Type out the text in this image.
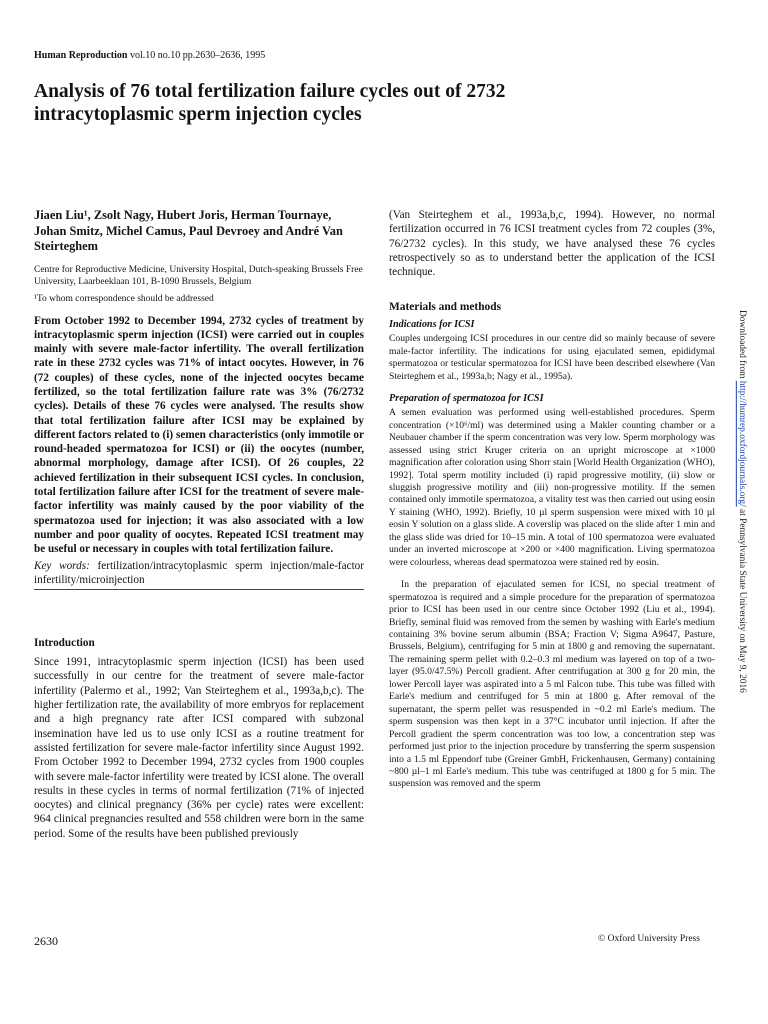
Human Reproduction vol.10 no.10 pp.2630–2636, 1995
Analysis of 76 total fertilization failure cycles out of 2732 intracytoplasmic sperm injection cycles

Jiaen Liu¹, Zsolt Nagy, Hubert Joris, Herman Tournaye, Johan Smitz, Michel Camus, Paul Devroey and André Van Steirteghem

Centre for Reproductive Medicine, University Hospital, Dutch-speaking Brussels Free University, Laarbeeklaan 101, B-1090 Brussels, Belgium

¹To whom correspondence should be addressed

From October 1992 to December 1994, 2732 cycles of treatment by intracytoplasmic sperm injection (ICSI) were carried out in couples mainly with severe male-factor infertility. The overall fertilization rate in these 2732 cycles was 71% of intact oocytes. However, in 76 (72 couples) of these cycles, none of the injected oocytes became fertilized, so the total fertilization failure rate was 3% (76/2732 cycles). Details of these 76 cycles were analysed. The results show that total fertilization failure after ICSI may be explained by different factors related to (i) semen characteristics (only immotile or round-headed spermatozoa for ICSI) or (ii) the oocytes (number, abnormal morphology, damage after ICSI). Of 26 couples, 22 achieved fertilization in their subsequent ICSI cycles. In conclusion, total fertilization failure after ICSI for the treatment of severe male-factor infertility was mainly caused by the poor viability of the spermatozoa used for injection; it was also associated with a low number and poor quality of oocytes. Repeated ICSI treatment may be useful or necessary in couples with total fertilization failure.

Key words: fertilization/intracytoplasmic sperm injection/male-factor infertility/microinjection

Introduction

Since 1991, intracytoplasmic sperm injection (ICSI) has been used successfully in our centre for the treatment of severe male-factor infertility (Palermo et al., 1992; Van Steirteghem et al., 1993a,b,c). The higher fertilization rate, the availability of more embryos for replacement and a high pregnancy rate after ICSI compared with subzonal insemination have led us to use only ICSI as a routine treatment for assisted fertilization for severe male-factor infertility since August 1992. From October 1992 to December 1994, 2732 cycles from 1900 couples with severe male-factor infertility were treated by ICSI alone. The overall results in these cycles in terms of normal fertilization (71% of injected oocytes) and clinical pregnancy (36% per cycle) rates were excellent: 964 clinical pregnancies resulted and 558 children were born in the same period. Some of the results have been published previously

(Van Steirteghem et al., 1993a,b,c, 1994). However, no normal fertilization occurred in 76 ICSI treatment cycles from 72 couples (3%, 76/2732 cycles). In this study, we have analysed these 76 cycles retrospectively so as to understand better the application of the ICSI technique.

Materials and methods

Indications for ICSI

Couples undergoing ICSI procedures in our centre did so mainly because of severe male-factor infertility. The indications for using ejaculated semen, epididymal spermatozoa or testicular spermatozoa for ICSI have been described elsewhere (Van Steirteghem et al., 1993a,b; Nagy et al., 1995a).

Preparation of spermatozoa for ICSI

A semen evaluation was performed using well-established procedures. Sperm concentration (×10⁶/ml) was determined using a Makler counting chamber or a Neubauer chamber if the sperm concentration was very low. Sperm morphology was assessed using strict Kruger criteria on an upright microscope at ×1000 magnification after coloration using Shorr stain [World Health Organization (WHO), 1992]. Total sperm motility included (i) rapid progressive motility, (ii) slow or sluggish progressive motility and (iii) non-progressive motility. If the semen contained only immotile spermatozoa, a vitality test was then carried out using eosin Y staining (WHO, 1992). Briefly, 10 µl sperm suspension were mixed with 10 µl eosin Y solution on a glass slide. A coverslip was placed on the slide after 1 min and the glass slide was dried for 10–15 min. A total of 100 spermatozoa were evaluated under an inverted microscope at ×200 or ×400 magnification. Living spermatozoa were colourless, whereas dead spermatozoa were stained red by eosin.

In the preparation of ejaculated semen for ICSI, no special treatment of spermatozoa is required and a simple procedure for the preparation of spermatozoa prior to ICSI has been used in our centre since October 1992 (Liu et al., 1994). Briefly, seminal fluid was removed from the semen by washing with Earle's medium containing 3% bovine serum albumin (BSA; Fraction V; Sigma A9647, Pasture, Brussels, Belgium), centrifuging for 5 min at 1800 g and removing the supernatant. The remaining sperm pellet with 0.2–0.3 ml medium was layered on top of a two-layer (95.0/47.5%) Percoll gradient. After centrifugation at 300 g for 20 min, the lower Percoll layer was aspirated into a 5 ml Falcon tube. This tube was filled with Earle's medium and centrifuged for 5 min at 1800 g. After removal of the supernatant, the sperm pellet was resuspended in ~0.2 ml Earle's medium. The sperm suspension was then kept in a 37°C incubator until injection. If after the Percoll gradient the sperm concentration was too low, a concentration step was performed just prior to the injection procedure by transferring the sperm suspension into a 1.5 ml Eppendorf tube (Greiner GmbH, Frickenhausen, Germany) containing ~800 µl–1 ml Earle's medium. This tube was centrifuged at 1800 g for 5 min. The suspension was removed and the sperm

2630	© Oxford University Press
Downloaded from http://humrep.oxfordjournals.org/ at Pennsylvania State University on May 9, 2016
